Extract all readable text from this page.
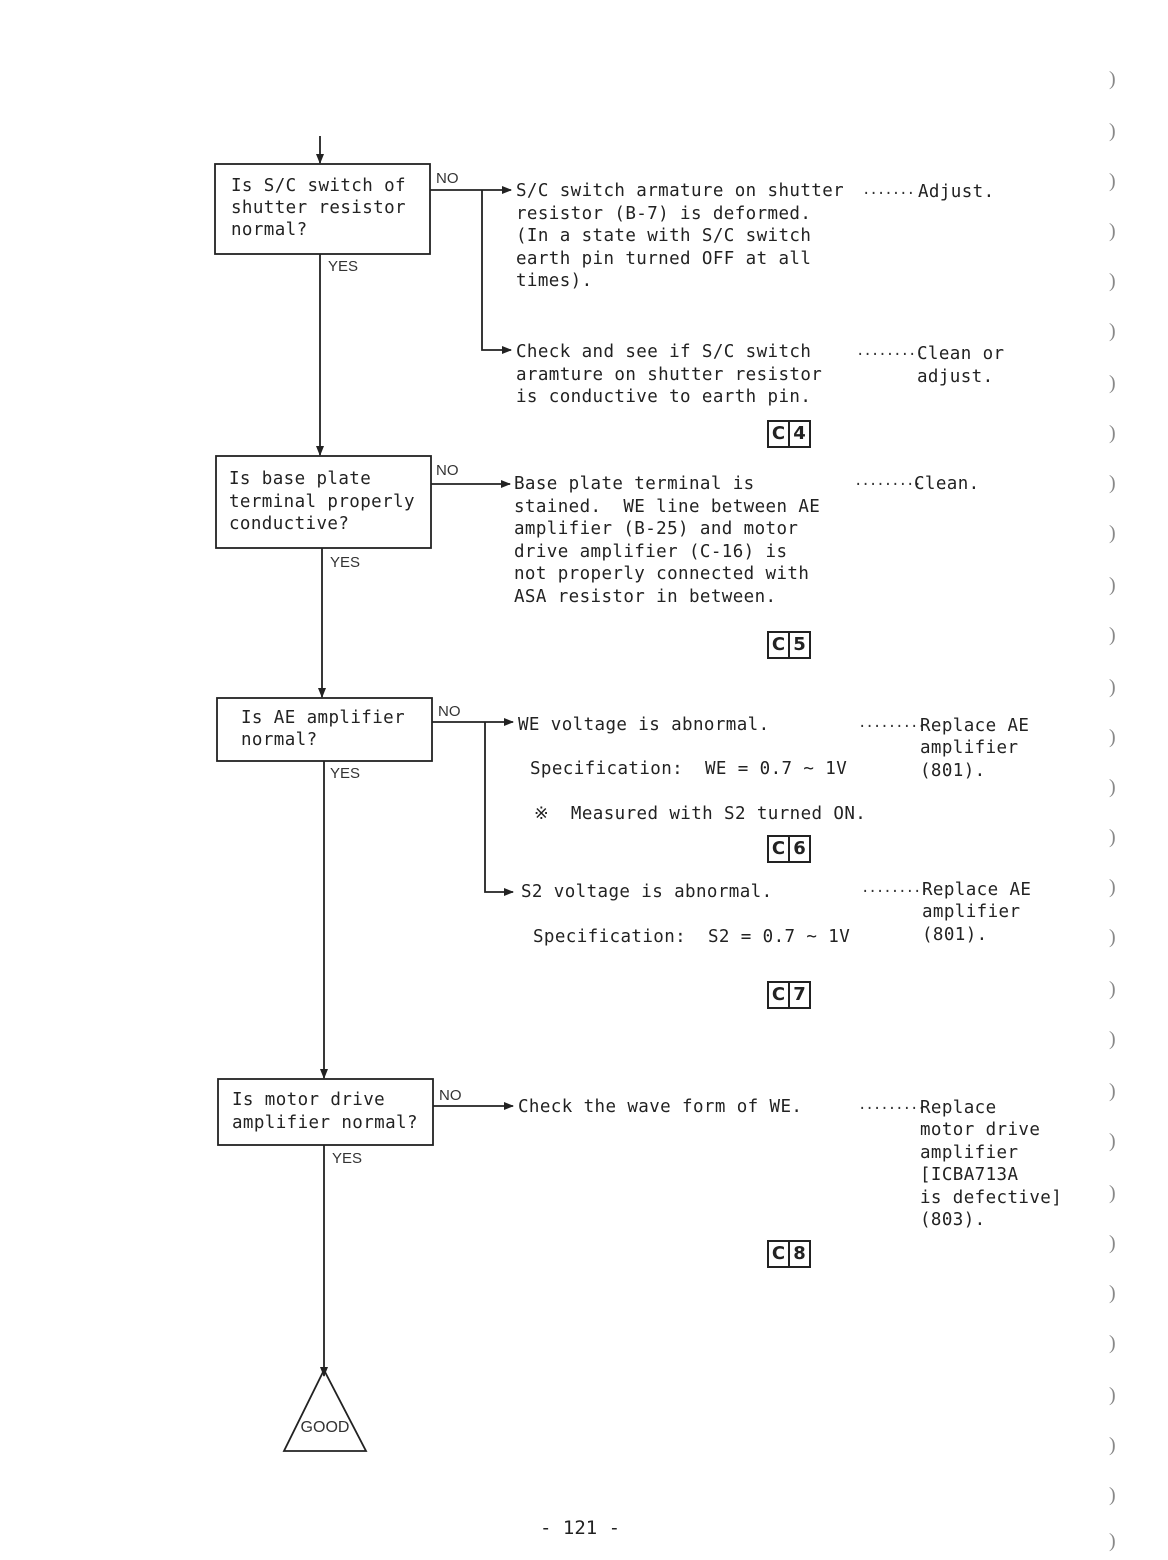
Is S/C switch of
shutter resistor
normal?
NO
YES
S/C switch armature on shutter
resistor (B-7) is deformed.
(In a state with S/C switch
earth pin turned OFF at all
times).
....... Adjust.
Check and see if S/C switch
aramture on shutter resistor
is conductive to earth pin.
.........
Clean or
adjust.
C 4
Is base plate
terminal properly
conductive?
NO
YES
Base plate terminal is
stained.  WE line between AE
amplifier (B-25) and motor
drive amplifier (C-16) is
not properly connected with
ASA resistor in between.
.........
Clean.
C 5
Is AE amplifier
normal?
NO
YES
WE voltage is abnormal.
Specification:  WE = 0.7 ~ 1V
※  Measured with S2 turned ON.
.........
Replace AE
amplifier
(801).
C 6
S2 voltage is abnormal.
Specification:  S2 = 0.7 ~ 1V
.........
Replace AE
amplifier
(801).
C 7
Is motor drive
amplifier normal?
NO
YES
Check the wave form of WE.	.........
Replace
motor drive
amplifier
[ICBA713A
is defective]
(803).
C 8
GOOD
- 121 -
)
)
)
)
)
)
)
)
)
)
)
)
)
)
)
)
)
)
)
)
)
)
)
)
)
)
)
)
)
)
